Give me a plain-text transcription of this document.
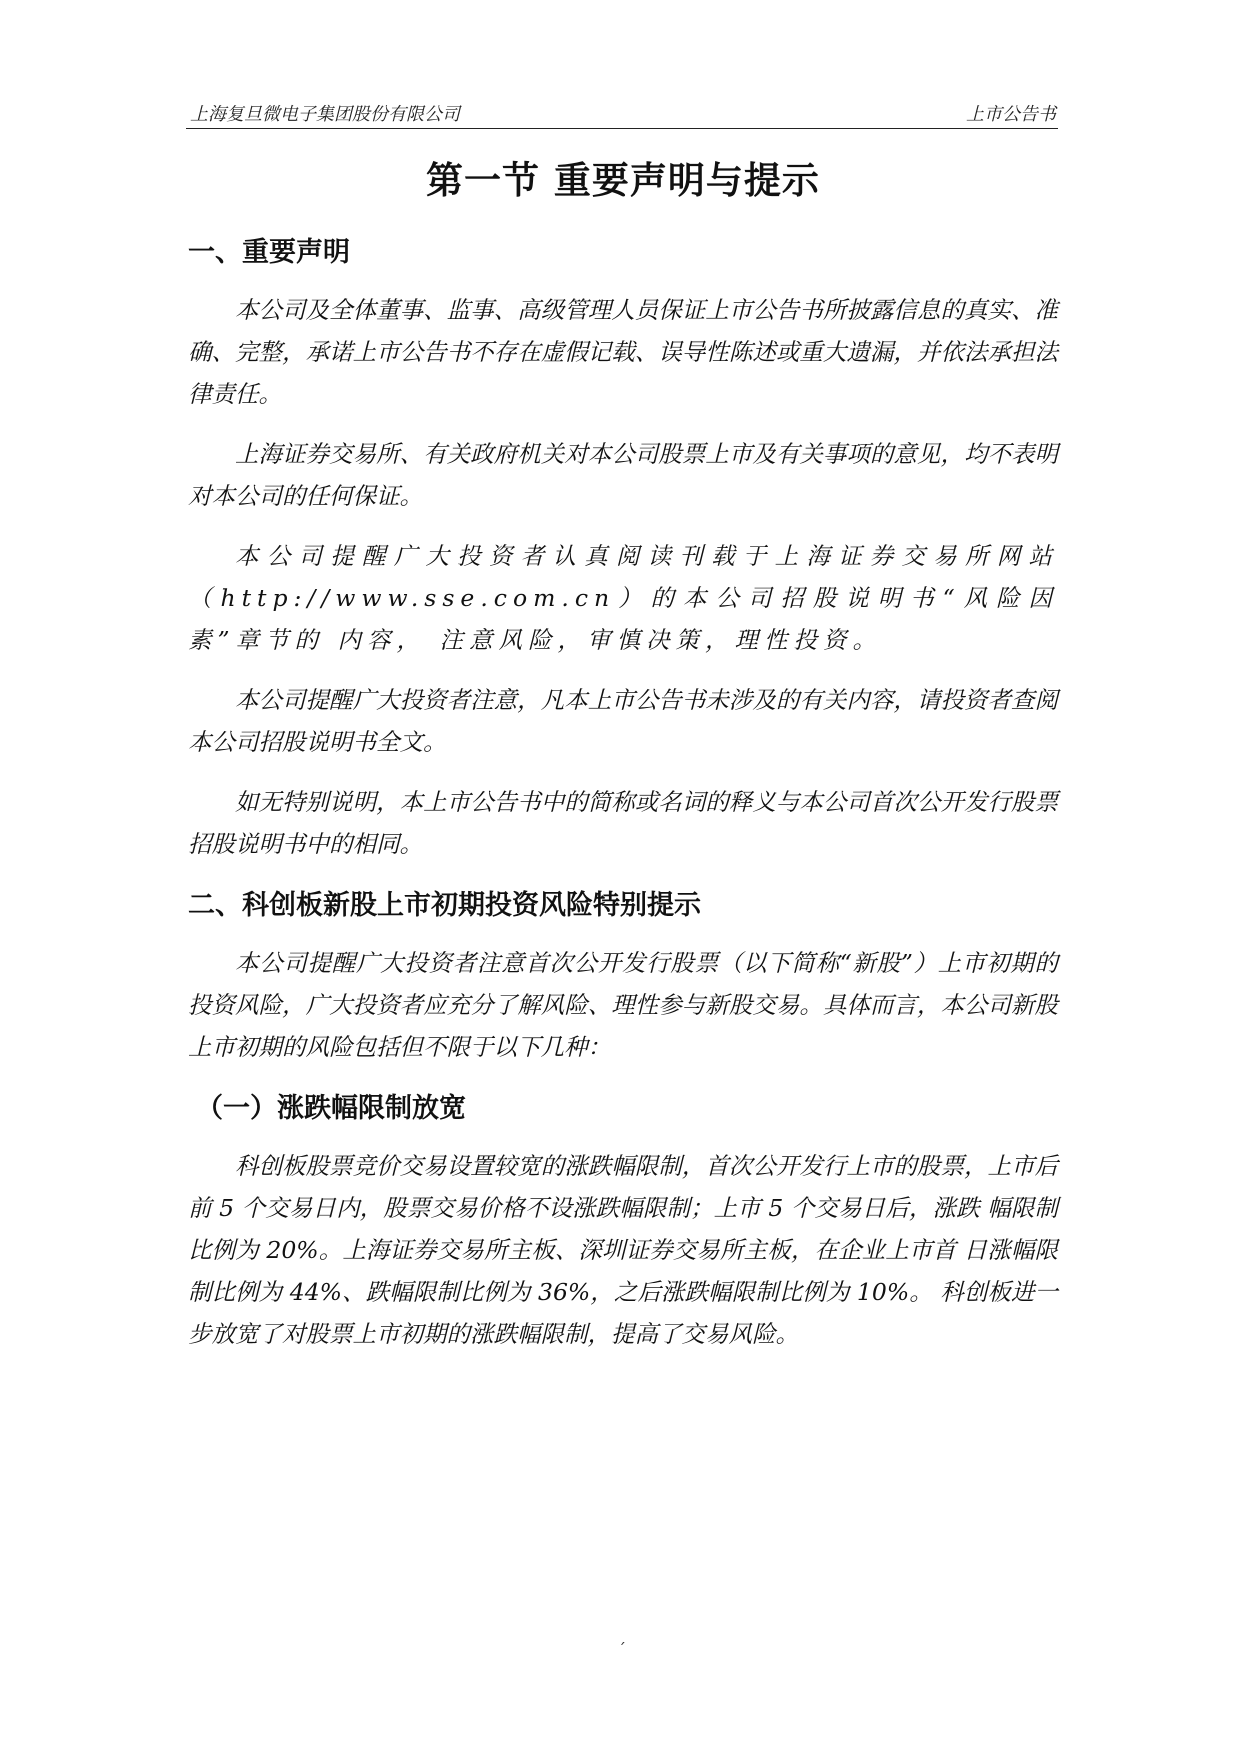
上海复旦微电子集团股份有限公司	上市公告书
第一节 重要声明与提示
一、重要声明

本公司及全体董事、监事、高级管理人员保证上市公告书所披露信息的真实、准确、完整，承诺上市公告书不存在虚假记载、误导性陈述或重大遗漏，并依法承担法律责任。

上海证券交易所、有关政府机关对本公司股票上市及有关事项的意见，均不表明对本公司的任何保证。

本公司提醒广大投资者认真阅读刊载于上海证券交易所网站（http://www.sse.com.cn）的本公司招股说明书“风险因素”章节的 内容， 注意风险，审慎决策，理性投资。

本公司提醒广大投资者注意，凡本上市公告书未涉及的有关内容，请投资者查阅本公司招股说明书全文。

如无特别说明，本上市公告书中的简称或名词的释义与本公司首次公开发行股票招股说明书中的相同。

二、科创板新股上市初期投资风险特别提示

本公司提醒广大投资者注意首次公开发行股票（以下简称“新股”）上市初期的投资风险，广大投资者应充分了解风险、理性参与新股交易。具体而言，本公司新股上市初期的风险包括但不限于以下几种：

（一）涨跌幅限制放宽

科创板股票竞价交易设置较宽的涨跌幅限制，首次公开发行上市的股票，上市后前 5 个交易日内，股票交易价格不设涨跌幅限制；上市 5 个交易日后，涨跌 幅限制比例为 20%。上海证券交易所主板、深圳证券交易所主板，在企业上市首 日涨幅限制比例为 44%、跌幅限制比例为 36%，之后涨跌幅限制比例为 10%。 科创板进一步放宽了对股票上市初期的涨跌幅限制，提高了交易风险。

´
